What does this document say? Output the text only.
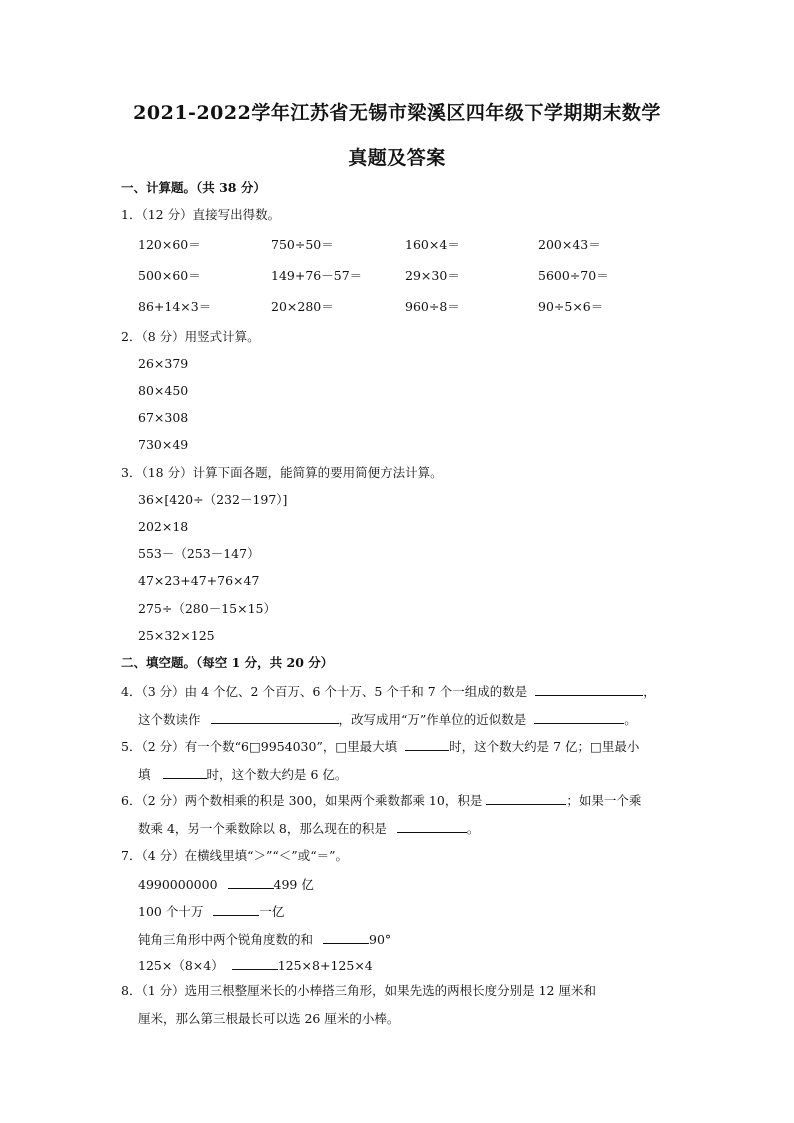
2021-2022学年江苏省无锡市梁溪区四年级下学期期末数学
真题及答案
一、计算题。（共 38 分）
1．（12 分）直接写出得数。
120×60＝	750÷50＝	160×4＝	200×43＝
500×60＝	149+76－57＝	29×30＝	5600÷70＝
86+14×3＝	20×280＝	960÷8＝	90÷5×6＝
2．（8 分）用竖式计算。
26×379
80×450
67×308
730×49
3．（18 分）计算下面各题，能简算的要用简便方法计算。
36×[420÷（232－197）]
202×18
553－（253－147）
47×23+47+76×47
275÷（280－15×15）
25×32×125
二、填空题。（每空 1 分，共 20 分）
4．（3 分）由 4 个亿、2 个百万、6 个十万、5 个千和 7 个一组成的数是	，
这个数读作	，改写成用“万”作单位的近似数是	。
5．（2 分）有一个数“6□9954030”，□里最大填	时，这个数大约是 7 亿；□里最小
填	时，这个数大约是 6 亿。
6．（2 分）两个数相乘的积是 300，如果两个乘数都乘 10，积是	；如果一个乘
数乘 4，另一个乘数除以 8，那么现在的积是	。
7．（4 分）在横线里填“＞”“＜”或“＝”。
4990000000	499 亿
100 个十万	一亿
钝角三角形中两个锐角度数的和	90°
125×（8×4）	125×8+125×4
8．（1 分）选用三根整厘米长的小棒搭三角形，如果先选的两根长度分别是 12 厘米和
厘米，那么第三根最长可以选 26 厘米的小棒。
